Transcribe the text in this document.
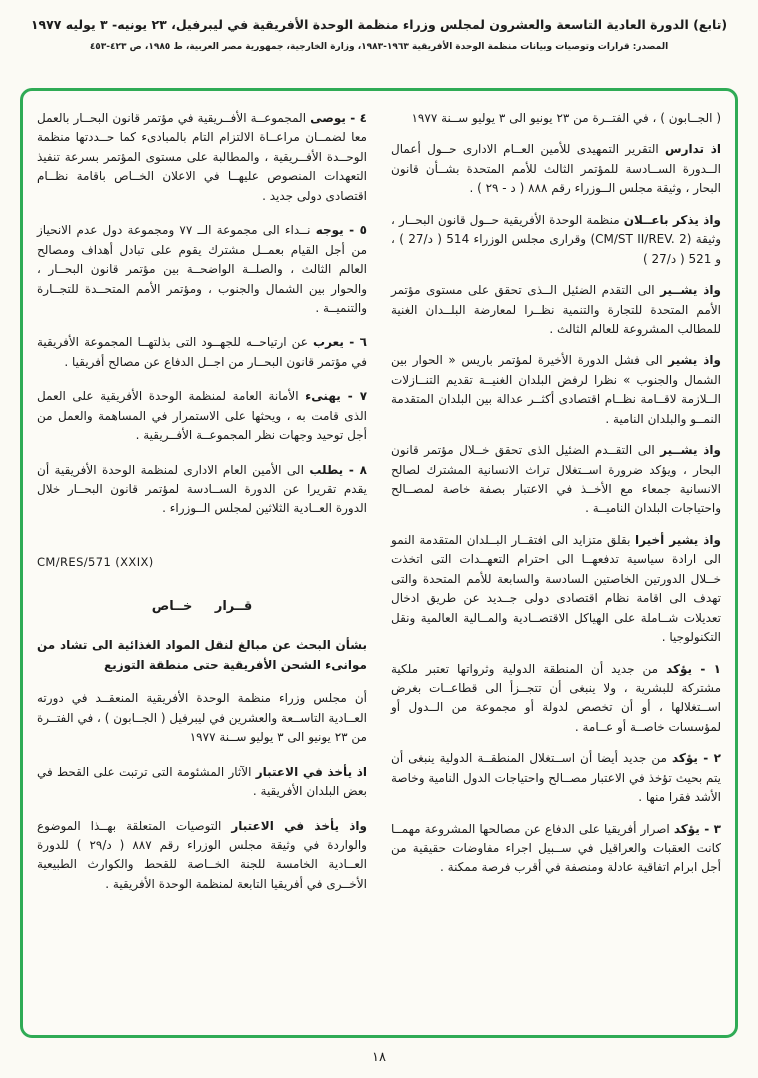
(تابع) الدورة العادية التاسعة والعشرون لمجلس وزراء منظمة الوحدة الأفريقية في ليبرفيل، ٢٣ يونيه- ٣ يوليه ١٩٧٧
المصدر: قرارات وتوصيات وبيانات منظمة الوحدة الأفريقية ١٩٦٣-١٩٨٣، وزارة الخارجية، جمهورية مصر العربية، ط ١٩٨٥، ص ٤٢٣-٤٥٣

( الجــابون ) ، في الفتــرة من ٢٣ يونيو الى ٣ يوليو ســنة ١٩٧٧

اذ تدارس التقرير التمهيدى للأمين العــام الادارى حــول أعمال الــدورة الســادسة للمؤتمر الثالث للأمم المتحدة بشــأن قانون البحار ، وثيقة مجلس الــوزراء رقم ٨٨٨ ( د - ٢٩ ) .

واذ يذكر باعــلان منظمة الوحدة الأفريقية حــول قانون البحــار ، وثيقة (CM/ST II/REV. 2) وقرارى مجلس الوزراء 514 ( د/27 ) ، و 521 ( د/27 )

واذ يشــير الى التقدم الضئيل الــذى تحقق على مستوى مؤتمر الأمم المتحدة للتجارة والتنمية نظــرا لمعارضة البلــدان الغنية للمطالب المشروعة للعالم الثالث .

واذ يشير الى فشل الدورة الأخيرة لمؤتمر باريس « الحوار بين الشمال والجنوب » نظرا لرفض البلدان الغنيــة تقديم التنــازلات الــلازمة لاقــامة نظــام اقتصادى أكثــر عدالة بين البلدان المتقدمة النمــو والبلدان النامية .

واذ يشــير الى التقــدم الضئيل الذى تحقق خــلال مؤتمر قانون البحار ، ويؤكد ضرورة اســتغلال تراث الانسانية المشترك لصالح الانسانية جمعاء مع الأخــذ في الاعتبار بصفة خاصة لمصــالح واحتياجات البلدان الناميــة .

واذ يشير أخيرا بقلق متزايد الى افتقــار البــلدان المتقدمة النمو الى ارادة سياسية تدفعهــا الى احترام التعهــدات التى اتخذت خــلال الدورتين الخاصتين السادسة والسابعة للأمم المتحدة والتى تهدف الى اقامة نظام اقتصادى دولى جــديد عن طريق ادخال تعديلات شــاملة على الهياكل الاقتصــادية والمــالية العالمية ونقل التكنولوجيا .

١ - يؤكد من جديد أن المنطقة الدولية وثرواتها تعتبر ملكية مشتركة للبشرية ، ولا ينبغى أن تتجــزأ الى قطاعــات بغرض اســتغلالها ، أو أن تخصص لدولة أو مجموعة من الــدول أو لمؤسسات خاصــة أو عــامة .

٢ - يؤكد من جديد أيضا أن اســتغلال المنطقــة الدولية ينبغى أن يتم بحيث تؤخذ في الاعتبار مصــالح واحتياجات الدول النامية وخاصة الأشد فقرا منها .

٣ - يؤكد اصرار أفريقيا على الدفاع عن مصالحها المشروعة مهمــا كانت العقبات والعراقيل في ســبيل اجراء مفاوضات حقيقية من أجل ابرام اتفاقية عادلة ومنصفة في أقرب فرصة ممكنة .

٤ - يوصى المجموعــة الأفــريقية في مؤتمر قانون البحــار بالعمل معا لضمــان مراعــاة الالتزام التام بالمبادىء كما حــددتها منظمة الوحــدة الأفــريقية ، والمطالبة على مستوى المؤتمر بسرعة تنفيذ التعهدات المنصوص عليهــا في الاعلان الخــاص باقامة نظــام اقتصادى دولى جديد .

٥ - يوجه نــداء الى مجموعة الــ ٧٧ ومجموعة دول عدم الانحياز من أجل القيام بعمــل مشترك يقوم على تبادل أهداف ومصالح العالم الثالث ، والصلــة الواضحــة بين مؤتمر قانون البحــار ، والحوار بين الشمال والجنوب ، ومؤتمر الأمم المتحــدة للتجــارة والتنميــة .

٦ - يعرب عن ارتياحــه للجهــود التى بذلتهــا المجموعة الأفريقية في مؤتمر قانون البحــار من اجــل الدفاع عن مصالح أفريقيا .

٧ - يهنىء الأمانة العامة لمنظمة الوحدة الأفريقية على العمل الذى قامت به ، ويحثها على الاستمرار في المساهمة والعمل من أجل توحيد وجهات نظر المجموعــة الأفــريقية .

٨ - يطلب الى الأمين العام الادارى لمنظمة الوحدة الأفريقية أن يقدم تقريرا عن الدورة الســادسة لمؤتمر قانون البحــار خلال الدورة العــادية الثلاثين لمجلس الــوزراء .

CM/RES/571 (XXIX)

قــرار خــاص

بشأن البحث عن مبالغ لنقل المواد الغذائية الى تشاد من موانىء الشحن الأفريقية حتى منطقة التوزيع

أن مجلس وزراء منظمة الوحدة الأفريقية المنعقــد في دورته العــادية التاســعة والعشرين في ليبرفيل ( الجــابون ) ، في الفتــرة من ٢٣ يونيو الى ٣ يوليو ســنة ١٩٧٧

اذ يأخذ في الاعتبار الآثار المشئومة التى ترتبت على القحط في بعض البلدان الأفريقية .

واذ يأخذ في الاعتبار التوصيات المتعلقة بهــذا الموضوع والواردة في وثيقة مجلس الوزراء رقم ٨٨٧ ( د/٢٩ ) للدورة العــادية الخامسة للجنة الخــاصة للقحط والكوارث الطبيعية الأخــرى في أفريقيا التابعة لمنظمة الوحدة الأفريقية .

١٨
